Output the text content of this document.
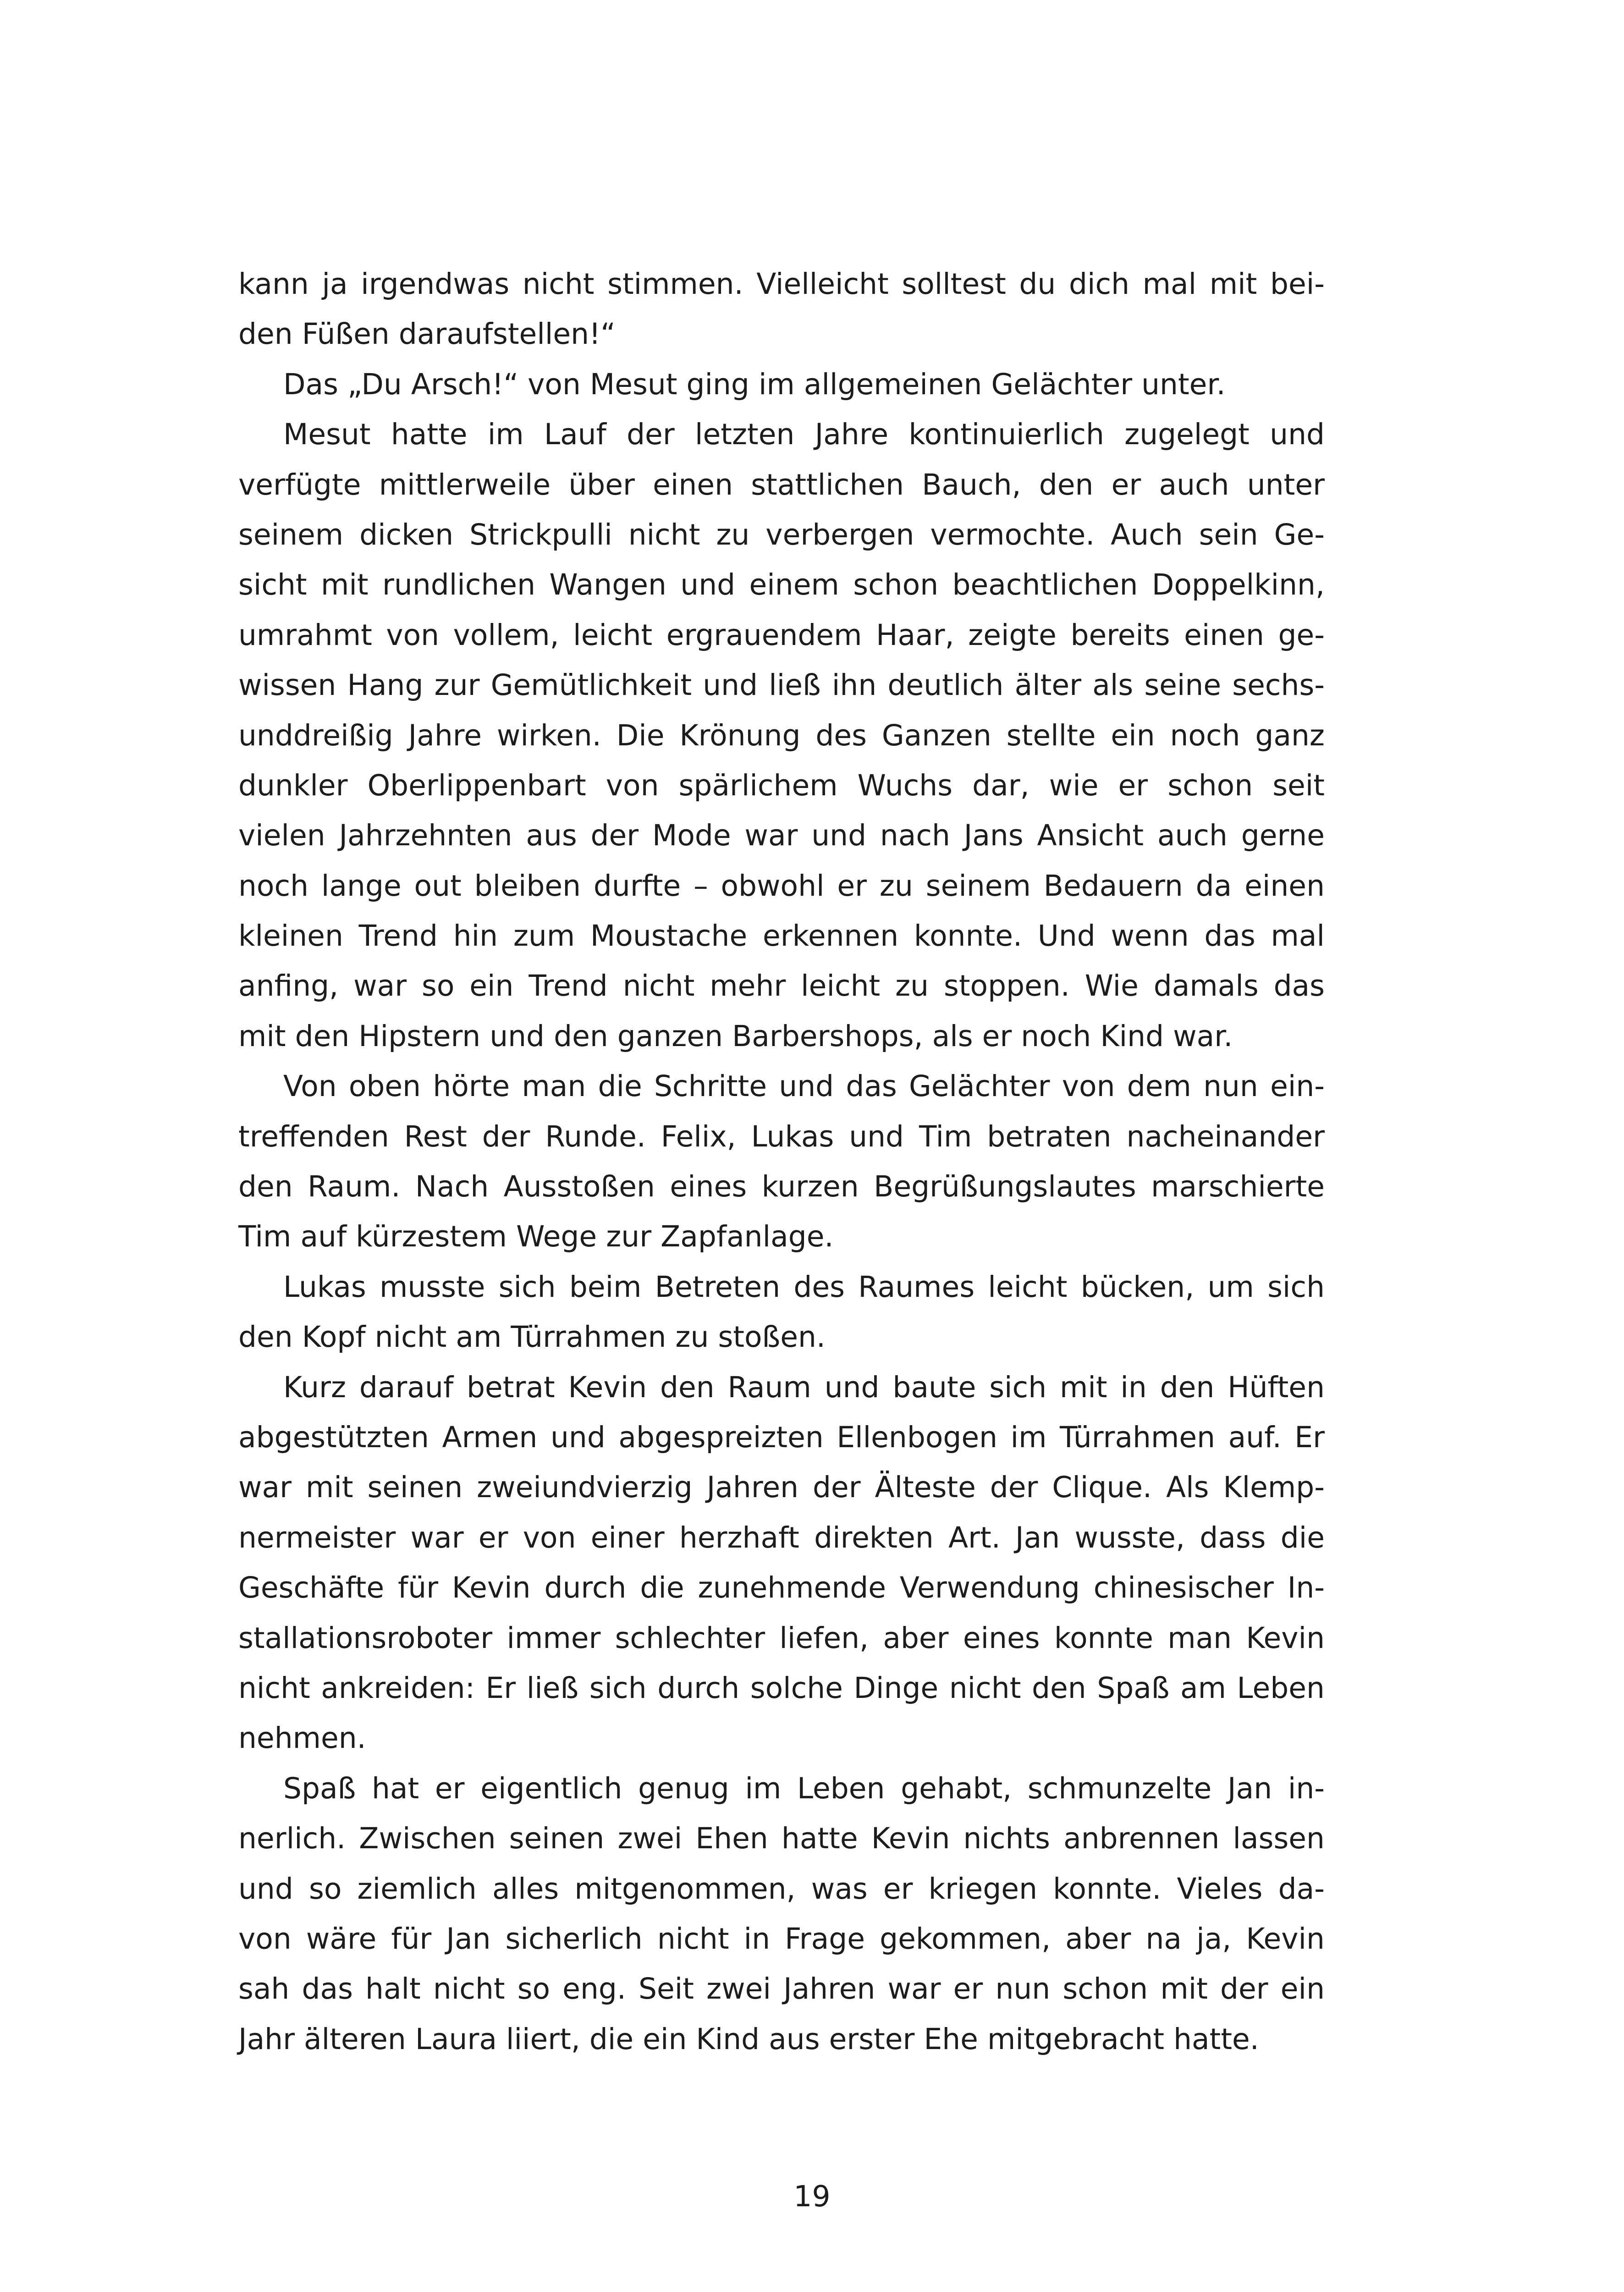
kann ja irgendwas nicht stimmen. Vielleicht solltest du dich mal mit bei-
den Füßen daraufstellen!“
Das „Du Arsch!“ von Mesut ging im allgemeinen Gelächter unter.
Mesut hatte im Lauf der letzten Jahre kontinuierlich zugelegt und
verfügte mittlerweile über einen stattlichen Bauch, den er auch unter
seinem dicken Strickpulli nicht zu verbergen vermochte. Auch sein Ge-
sicht mit rundlichen Wangen und einem schon beachtlichen Doppelkinn,
umrahmt von vollem, leicht ergrauendem Haar, zeigte bereits einen ge-
wissen Hang zur Gemütlichkeit und ließ ihn deutlich älter als seine sechs-
unddreißig Jahre wirken. Die Krönung des Ganzen stellte ein noch ganz
dunkler Oberlippenbart von spärlichem Wuchs dar, wie er schon seit
vielen Jahrzehnten aus der Mode war und nach Jans Ansicht auch gerne
noch lange out bleiben durfte – obwohl er zu seinem Bedauern da einen
kleinen Trend hin zum Moustache erkennen konnte. Und wenn das mal
anfing, war so ein Trend nicht mehr leicht zu stoppen. Wie damals das
mit den Hipstern und den ganzen Barbershops, als er noch Kind war.
Von oben hörte man die Schritte und das Gelächter von dem nun ein-
treffenden Rest der Runde. Felix, Lukas und Tim betraten nacheinander
den Raum. Nach Ausstoßen eines kurzen Begrüßungslautes marschierte
Tim auf kürzestem Wege zur Zapfanlage.
Lukas musste sich beim Betreten des Raumes leicht bücken, um sich
den Kopf nicht am Türrahmen zu stoßen.
Kurz darauf betrat Kevin den Raum und baute sich mit in den Hüften
abgestützten Armen und abgespreizten Ellenbogen im Türrahmen auf. Er
war mit seinen zweiundvierzig Jahren der Älteste der Clique. Als Klemp-
nermeister war er von einer herzhaft direkten Art. Jan wusste, dass die
Geschäfte für Kevin durch die zunehmende Verwendung chinesischer In-
stallationsroboter immer schlechter liefen, aber eines konnte man Kevin
nicht ankreiden: Er ließ sich durch solche Dinge nicht den Spaß am Leben
nehmen.
Spaß hat er eigentlich genug im Leben gehabt, schmunzelte Jan in-
nerlich. Zwischen seinen zwei Ehen hatte Kevin nichts anbrennen lassen
und so ziemlich alles mitgenommen, was er kriegen konnte. Vieles da-
von wäre für Jan sicherlich nicht in Frage gekommen, aber na ja, Kevin
sah das halt nicht so eng. Seit zwei Jahren war er nun schon mit der ein
Jahr älteren Laura liiert, die ein Kind aus erster Ehe mitgebracht hatte.
19
